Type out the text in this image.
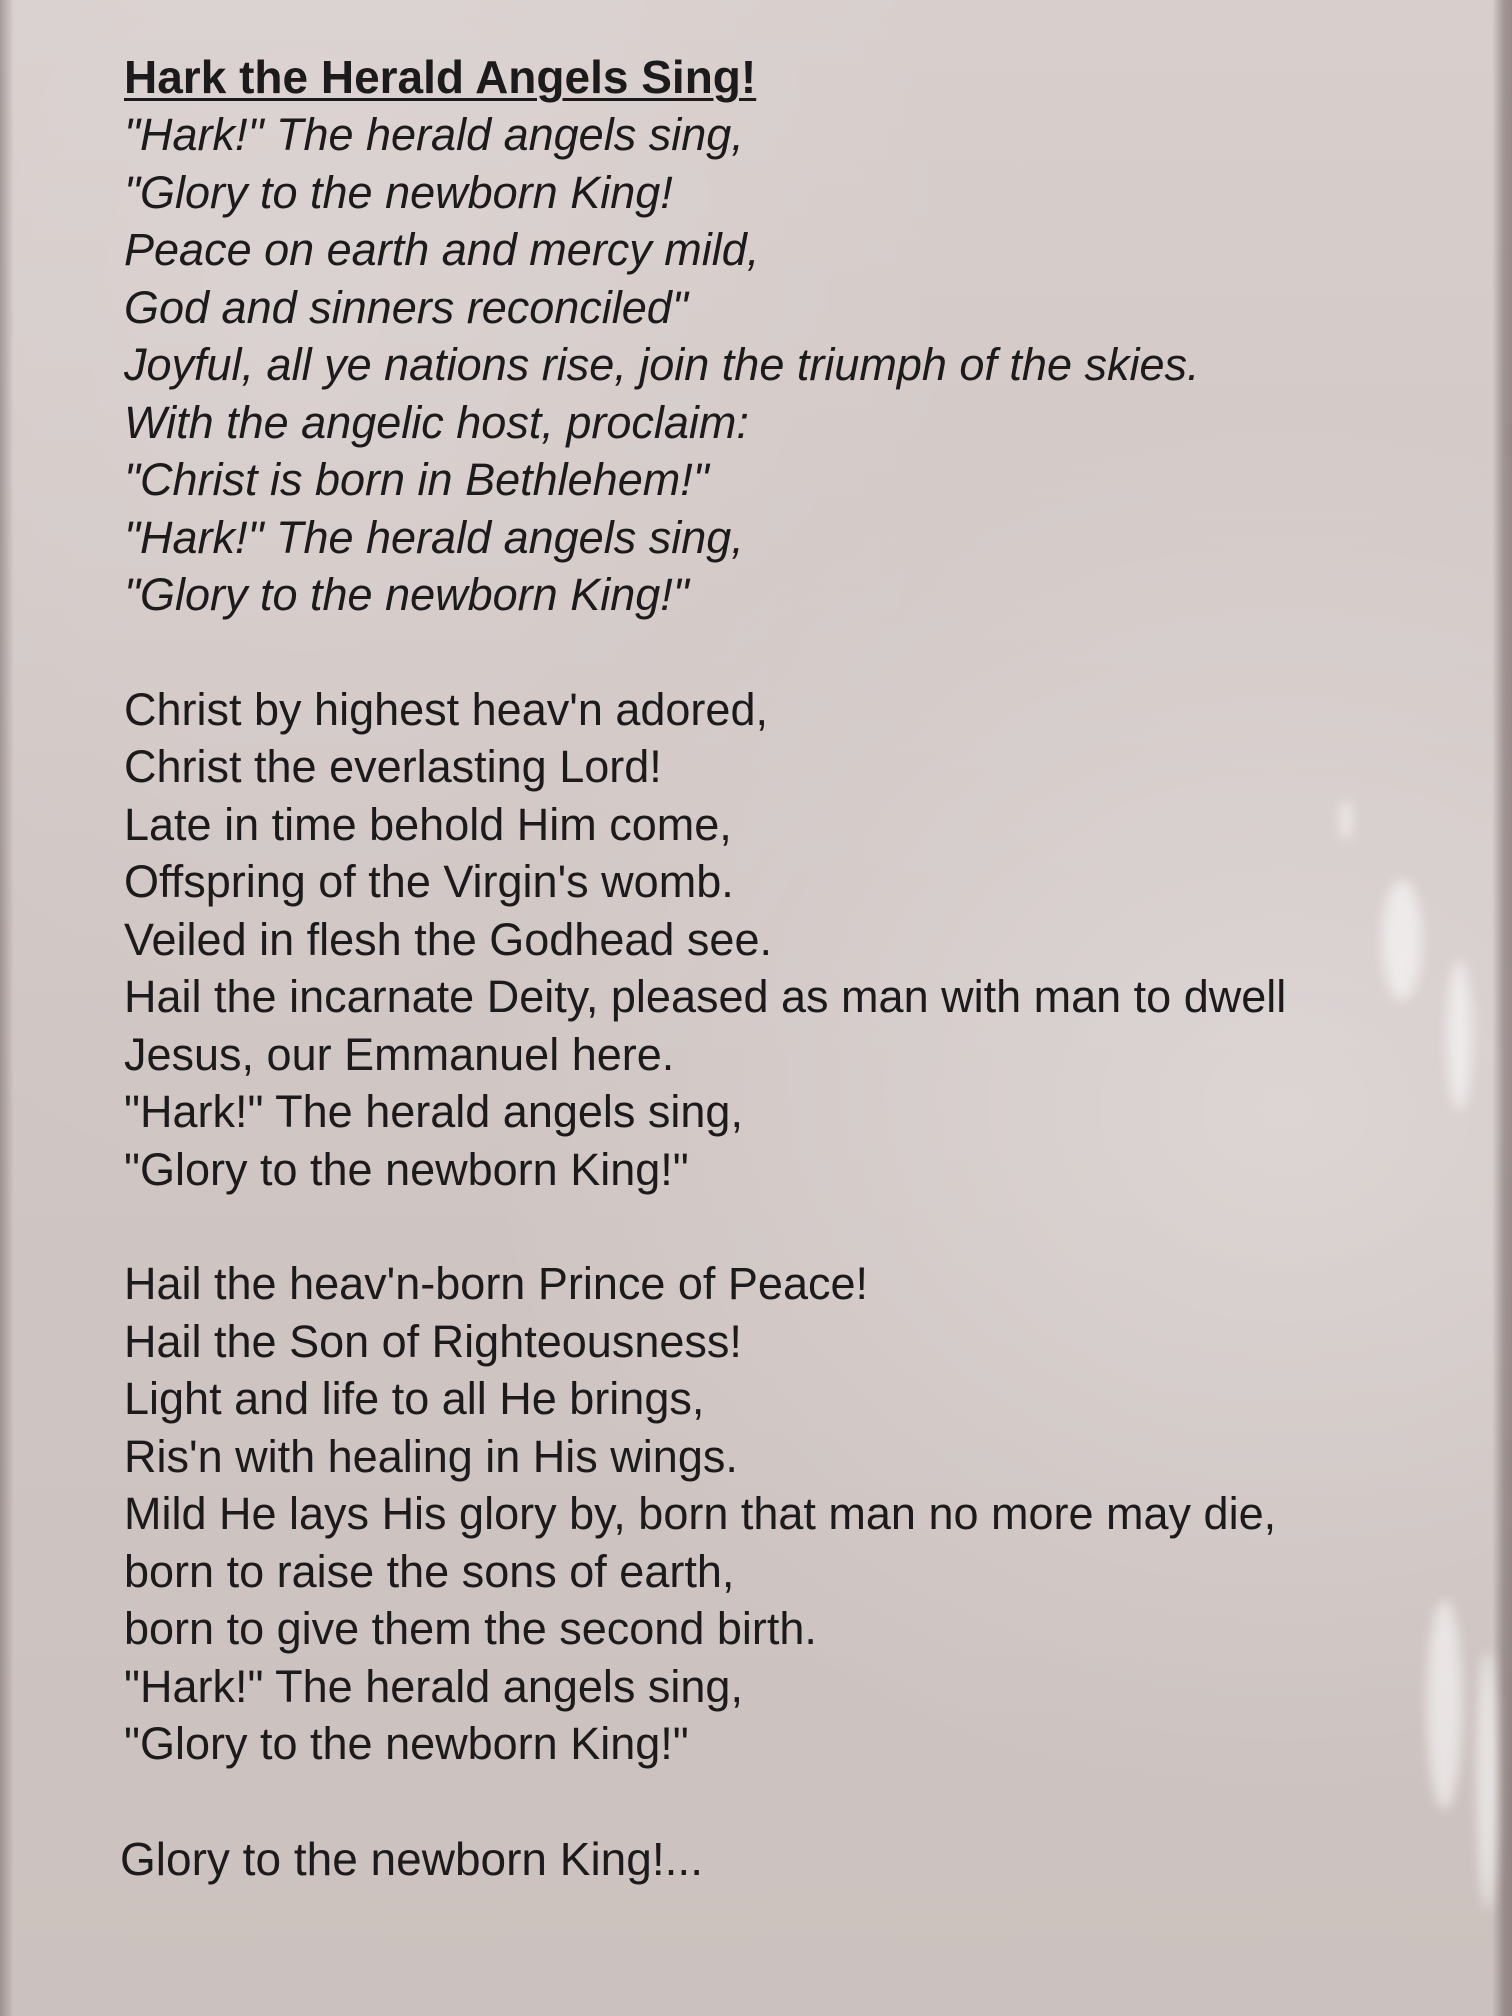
Hark the Herald Angels Sing!
"Hark!" The herald angels sing,
"Glory to the newborn King!
Peace on earth and mercy mild,
God and sinners reconciled"
Joyful, all ye nations rise, join the triumph of the skies.
With the angelic host, proclaim:
"Christ is born in Bethlehem!"
"Hark!" The herald angels sing,
"Glory to the newborn King!"
Christ by highest heav'n adored,
Christ the everlasting Lord!
Late in time behold Him come,
Offspring of the Virgin's womb.
Veiled in flesh the Godhead see.
Hail the incarnate Deity, pleased as man with man to dwell
Jesus, our Emmanuel here.
"Hark!" The herald angels sing,
"Glory to the newborn King!"
Hail the heav'n-born Prince of Peace!
Hail the Son of Righteousness!
Light and life to all He brings,
Ris'n with healing in His wings.
Mild He lays His glory by, born that man no more may die,
born to raise the sons of earth,
born to give them the second birth.
"Hark!" The herald angels sing,
"Glory to the newborn King!"
Glory to the newborn King!...
